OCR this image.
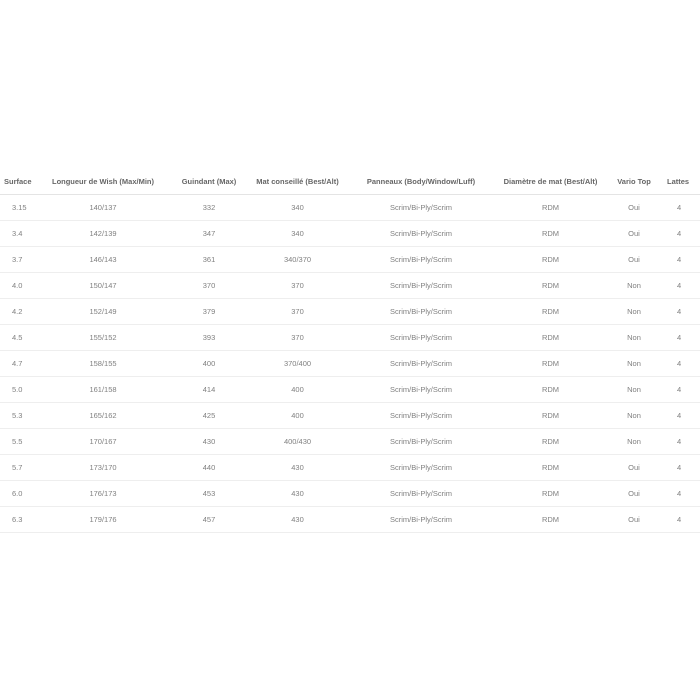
Surface	Longueur de Wish (Max/Min)	Guindant (Max)	Mat conseillé (Best/Alt)	Panneaux (Body/Window/Luff)	Diamètre de mat (Best/Alt)	Vario Top	Lattes
3.15	140/137	332	340	Scrim/Bi-Ply/Scrim	RDM	Oui	4
3.4	142/139	347	340	Scrim/Bi-Ply/Scrim	RDM	Oui	4
3.7	146/143	361	340/370	Scrim/Bi-Ply/Scrim	RDM	Oui	4
4.0	150/147	370	370	Scrim/Bi-Ply/Scrim	RDM	Non	4
4.2	152/149	379	370	Scrim/Bi-Ply/Scrim	RDM	Non	4
4.5	155/152	393	370	Scrim/Bi-Ply/Scrim	RDM	Non	4
4.7	158/155	400	370/400	Scrim/Bi-Ply/Scrim	RDM	Non	4
5.0	161/158	414	400	Scrim/Bi-Ply/Scrim	RDM	Non	4
5.3	165/162	425	400	Scrim/Bi-Ply/Scrim	RDM	Non	4
5.5	170/167	430	400/430	Scrim/Bi-Ply/Scrim	RDM	Non	4
5.7	173/170	440	430	Scrim/Bi-Ply/Scrim	RDM	Oui	4
6.0	176/173	453	430	Scrim/Bi-Ply/Scrim	RDM	Oui	4
6.3	179/176	457	430	Scrim/Bi-Ply/Scrim	RDM	Oui	4
